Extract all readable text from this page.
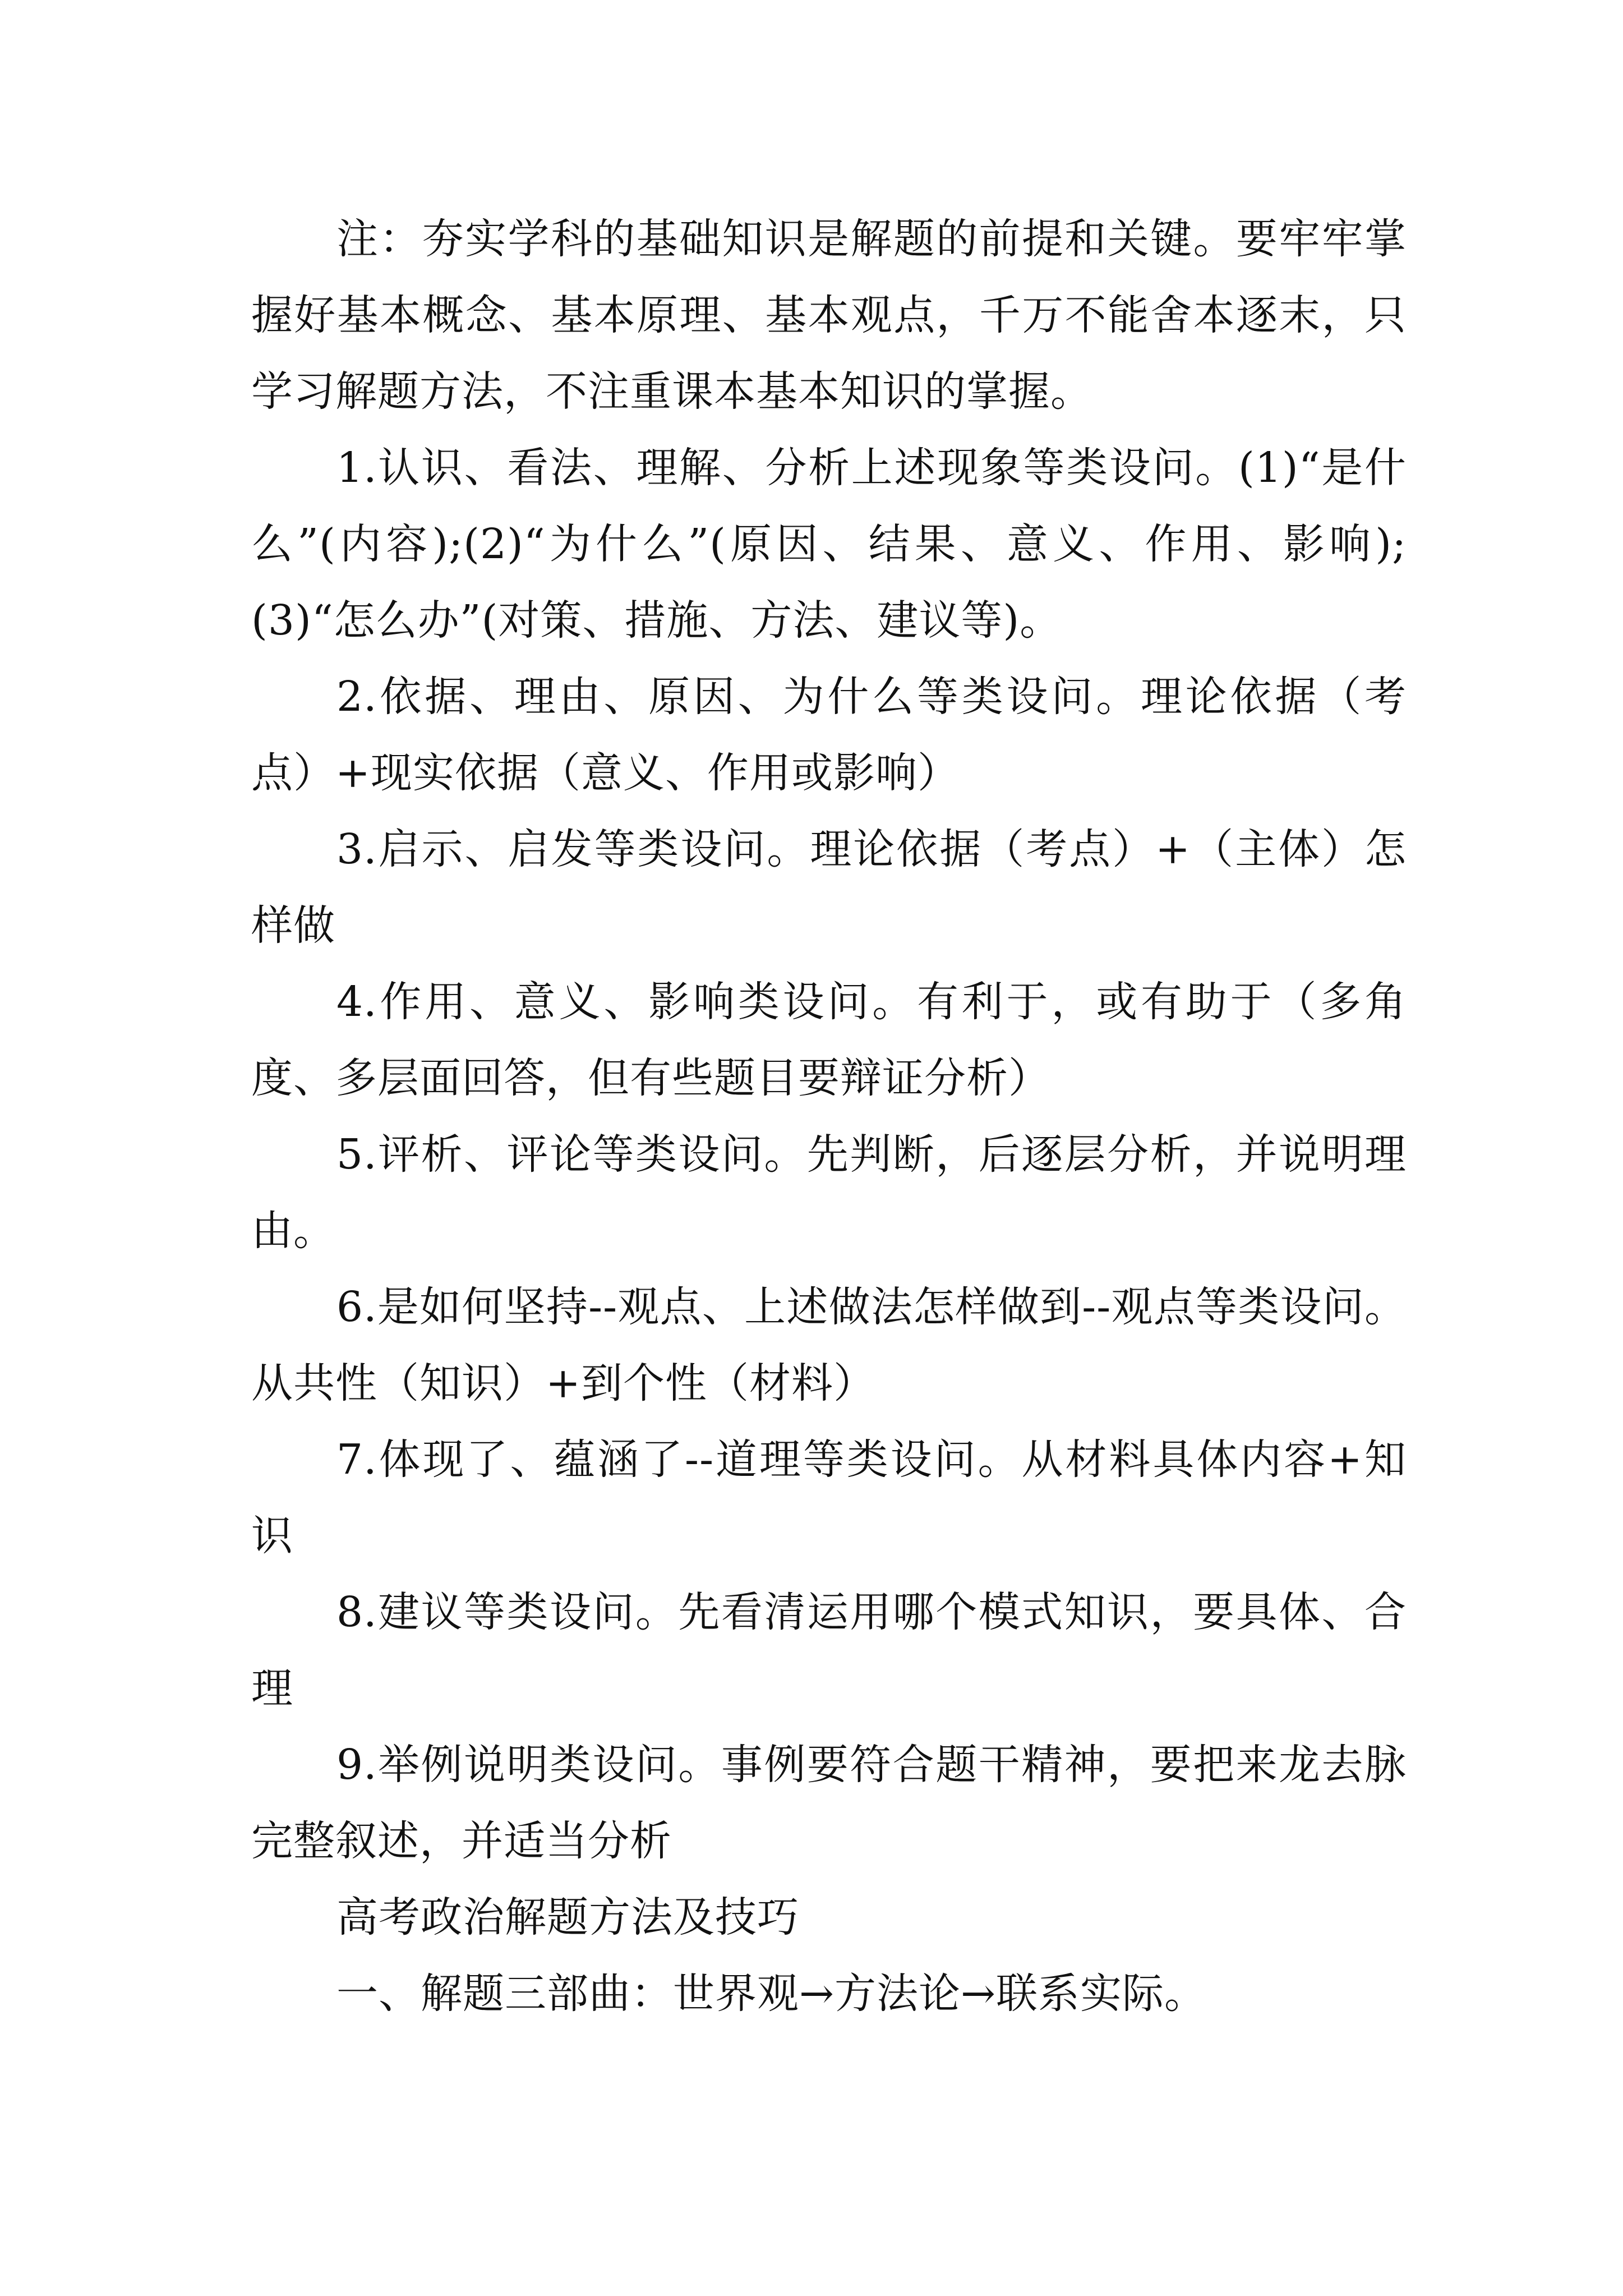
注：夯实学科的基础知识是解题的前提和关键。要牢牢掌握好基本概念、基本原理、基本观点，千万不能舍本逐末，只学习解题方法，不注重课本基本知识的掌握。

1.认识、看法、理解、分析上述现象等类设问。(1)“是什么”(内容);(2)“为什么”(原因、结果、意义、作用、影响);(3)“怎么办”(对策、措施、方法、建议等)。

2.依据、理由、原因、为什么等类设问。理论依据（考点）+现实依据（意义、作用或影响）

3.启示、启发等类设问。理论依据（考点）+（主体）怎样做

4.作用、意义、影响类设问。有利于，或有助于（多角度、多层面回答，但有些题目要辩证分析）

5.评析、评论等类设问。先判断，后逐层分析，并说明理由。

6.是如何坚持--观点、上述做法怎样做到--观点等类设问。从共性（知识）+到个性（材料）

7.体现了、蕴涵了--道理等类设问。从材料具体内容+知识

8.建议等类设问。先看清运用哪个模式知识，要具体、合理

9.举例说明类设问。事例要符合题干精神，要把来龙去脉完整叙述，并适当分析

高考政治解题方法及技巧

一、解题三部曲：世界观→方法论→联系实际。
